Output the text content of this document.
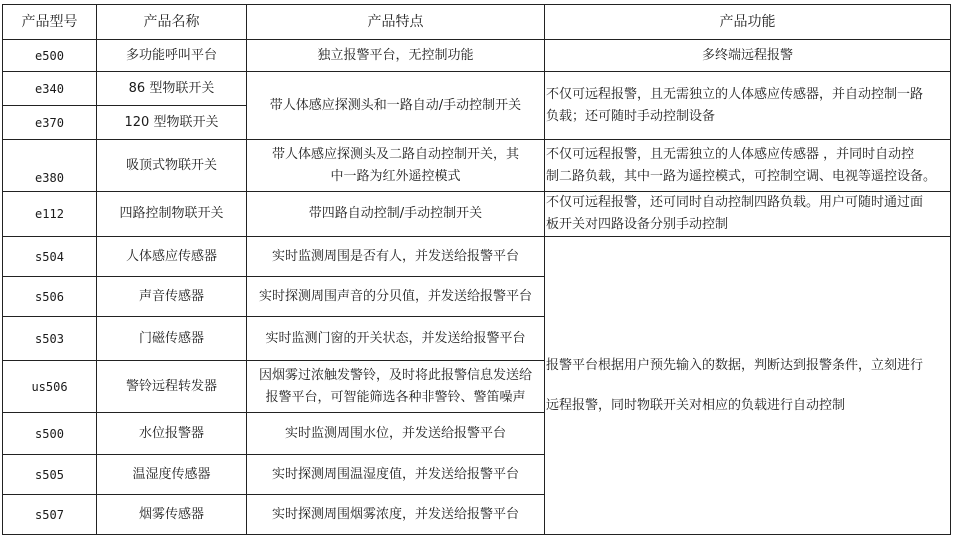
产品型号	产品名称	产品特点	产品功能
e500	多功能呼叫平台	独立报警平台，无控制功能	多终端远程报警
e340	86 型物联开关	带人体感应探测头和一路自动/手动控制开关	不仅可远程报警，且无需独立的人体感应传感器，并自动控制一路
负载；还可随时手动控制设备

e370	120 型物联开关		
e380	吸顶式物联开关	带人体感应探测头及二路自动控制开关，其
中一路为红外遥控模式	不仅可远程报警，且无需独立的人体感应传感器 ，并同时自动控
制二路负载，其中一路为遥控模式，可控制空调、电视等遥控设备。

e112	四路控制物联开关	带四路自动控制/手动控制开关	不仅可远程报警，还可同时自动控制四路负载。用户可随时通过面
板开关对四路设备分别手动控制

s504	人体感应传感器	实时监测周围是否有人，并发送给报警平台	报警平台根据用户预先输入的数据，判断达到报警条件，立刻进行
远程报警，同时物联开关对相应的负载进行自动控制

s506	声音传感器	实时探测周围声音的分贝值，并发送给报警平台	
s503	门磁传感器	实时监测门窗的开关状态，并发送给报警平台	
us506	警铃远程转发器	因烟雾过浓触发警铃，及时将此报警信息发送给
报警平台，可智能筛选各种非警铃、警笛噪声	

s500	水位报警器	实时监测周围水位，并发送给报警平台	
s505	温湿度传感器	实时探测周围温湿度值，并发送给报警平台	
s507	烟雾传感器	实时探测周围烟雾浓度，并发送给报警平台	
